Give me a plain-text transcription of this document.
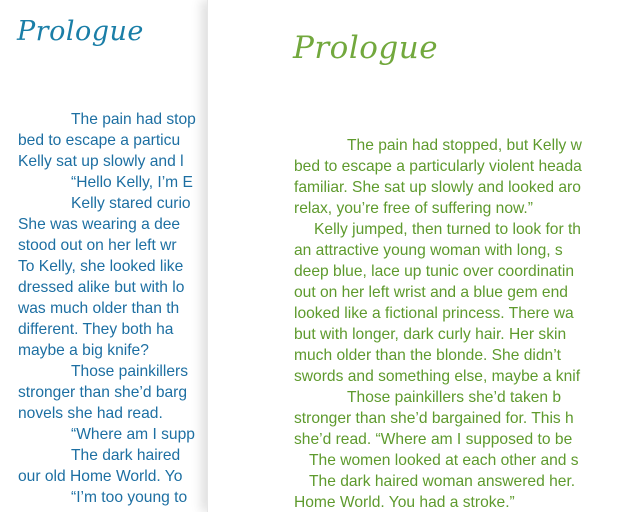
Prologue
The pain had stop
bed to escape a particu
Kelly sat up slowly and l
“Hello Kelly, I’m E
Kelly stared curio
She was wearing a dee
stood out on her left wr
To Kelly, she looked like
dressed alike but with lo
was much older than th
different. They both ha
maybe a big knife?
Those painkillers
stronger than she’d barg
novels she had read.
“Where am I supp
The dark haired
our old Home World. Yo
“I’m too young to
Prologue
The pain had stopped, but Kelly w
bed to escape a particularly violent heada
familiar. She sat up slowly and looked aro
relax, you’re free of suffering now.”
Kelly jumped, then turned to look for th
an attractive young woman with long, s
deep blue, lace up tunic over coordinatin
out on her left wrist and a blue gem end
looked like a fictional princess. There wa
but with longer, dark curly hair. Her skin
much older than the blonde. She didn’t
swords and something else, maybe a knif
Those painkillers she’d taken b
stronger than she’d bargained for. This h
she’d read. “Where am I supposed to be
The women looked at each other and s
The dark haired woman answered her.
Home World. You had a stroke.”
